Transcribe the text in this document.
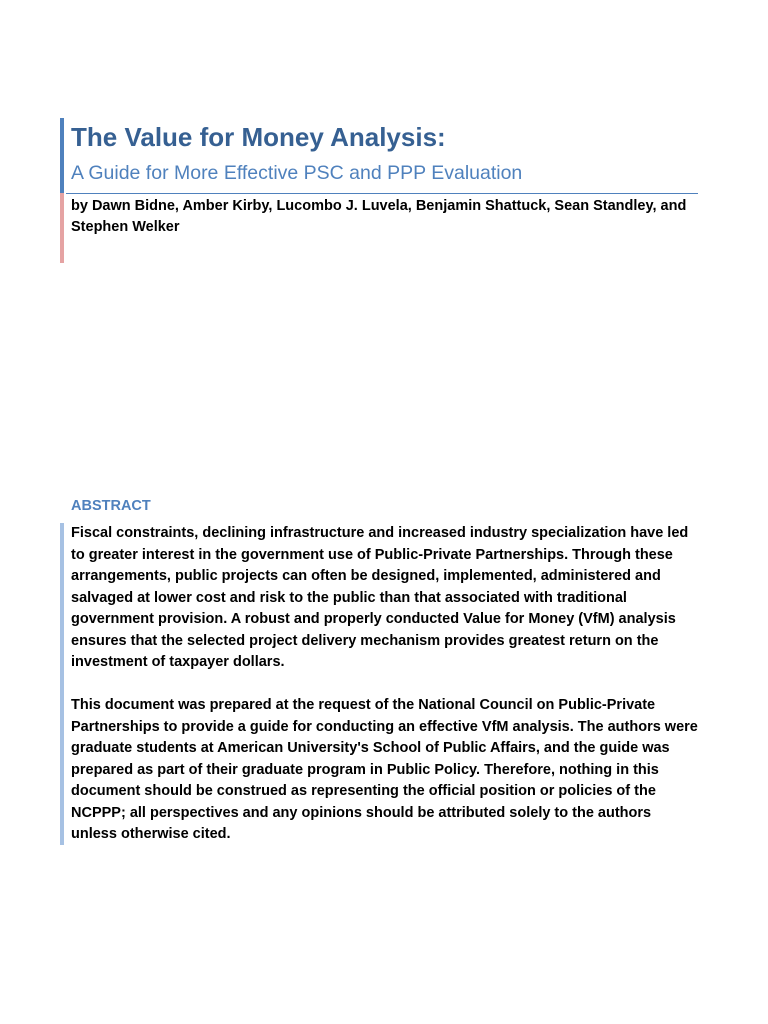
The Value for Money Analysis:
A Guide for More Effective PSC and PPP Evaluation
by Dawn Bidne, Amber Kirby, Lucombo J. Luvela, Benjamin Shattuck, Sean Standley, and Stephen Welker
ABSTRACT

Fiscal constraints, declining infrastructure and increased industry specialization have led to greater interest in the government use of Public-Private Partnerships. Through these arrangements, public projects can often be designed, implemented, administered and salvaged at lower cost and risk to the public than that associated with traditional government provision. A robust and properly conducted Value for Money (VfM) analysis ensures that the selected project delivery mechanism provides greatest return on the investment of taxpayer dollars.

This document was prepared at the request of the National Council on Public-Private Partnerships to provide a guide for conducting an effective VfM analysis. The authors were graduate students at American University's School of Public Affairs, and the guide was prepared as part of their graduate program in Public Policy. Therefore, nothing in this document should be construed as representing the official position or policies of the NCPPP; all perspectives and any opinions should be attributed solely to the authors unless otherwise cited.
